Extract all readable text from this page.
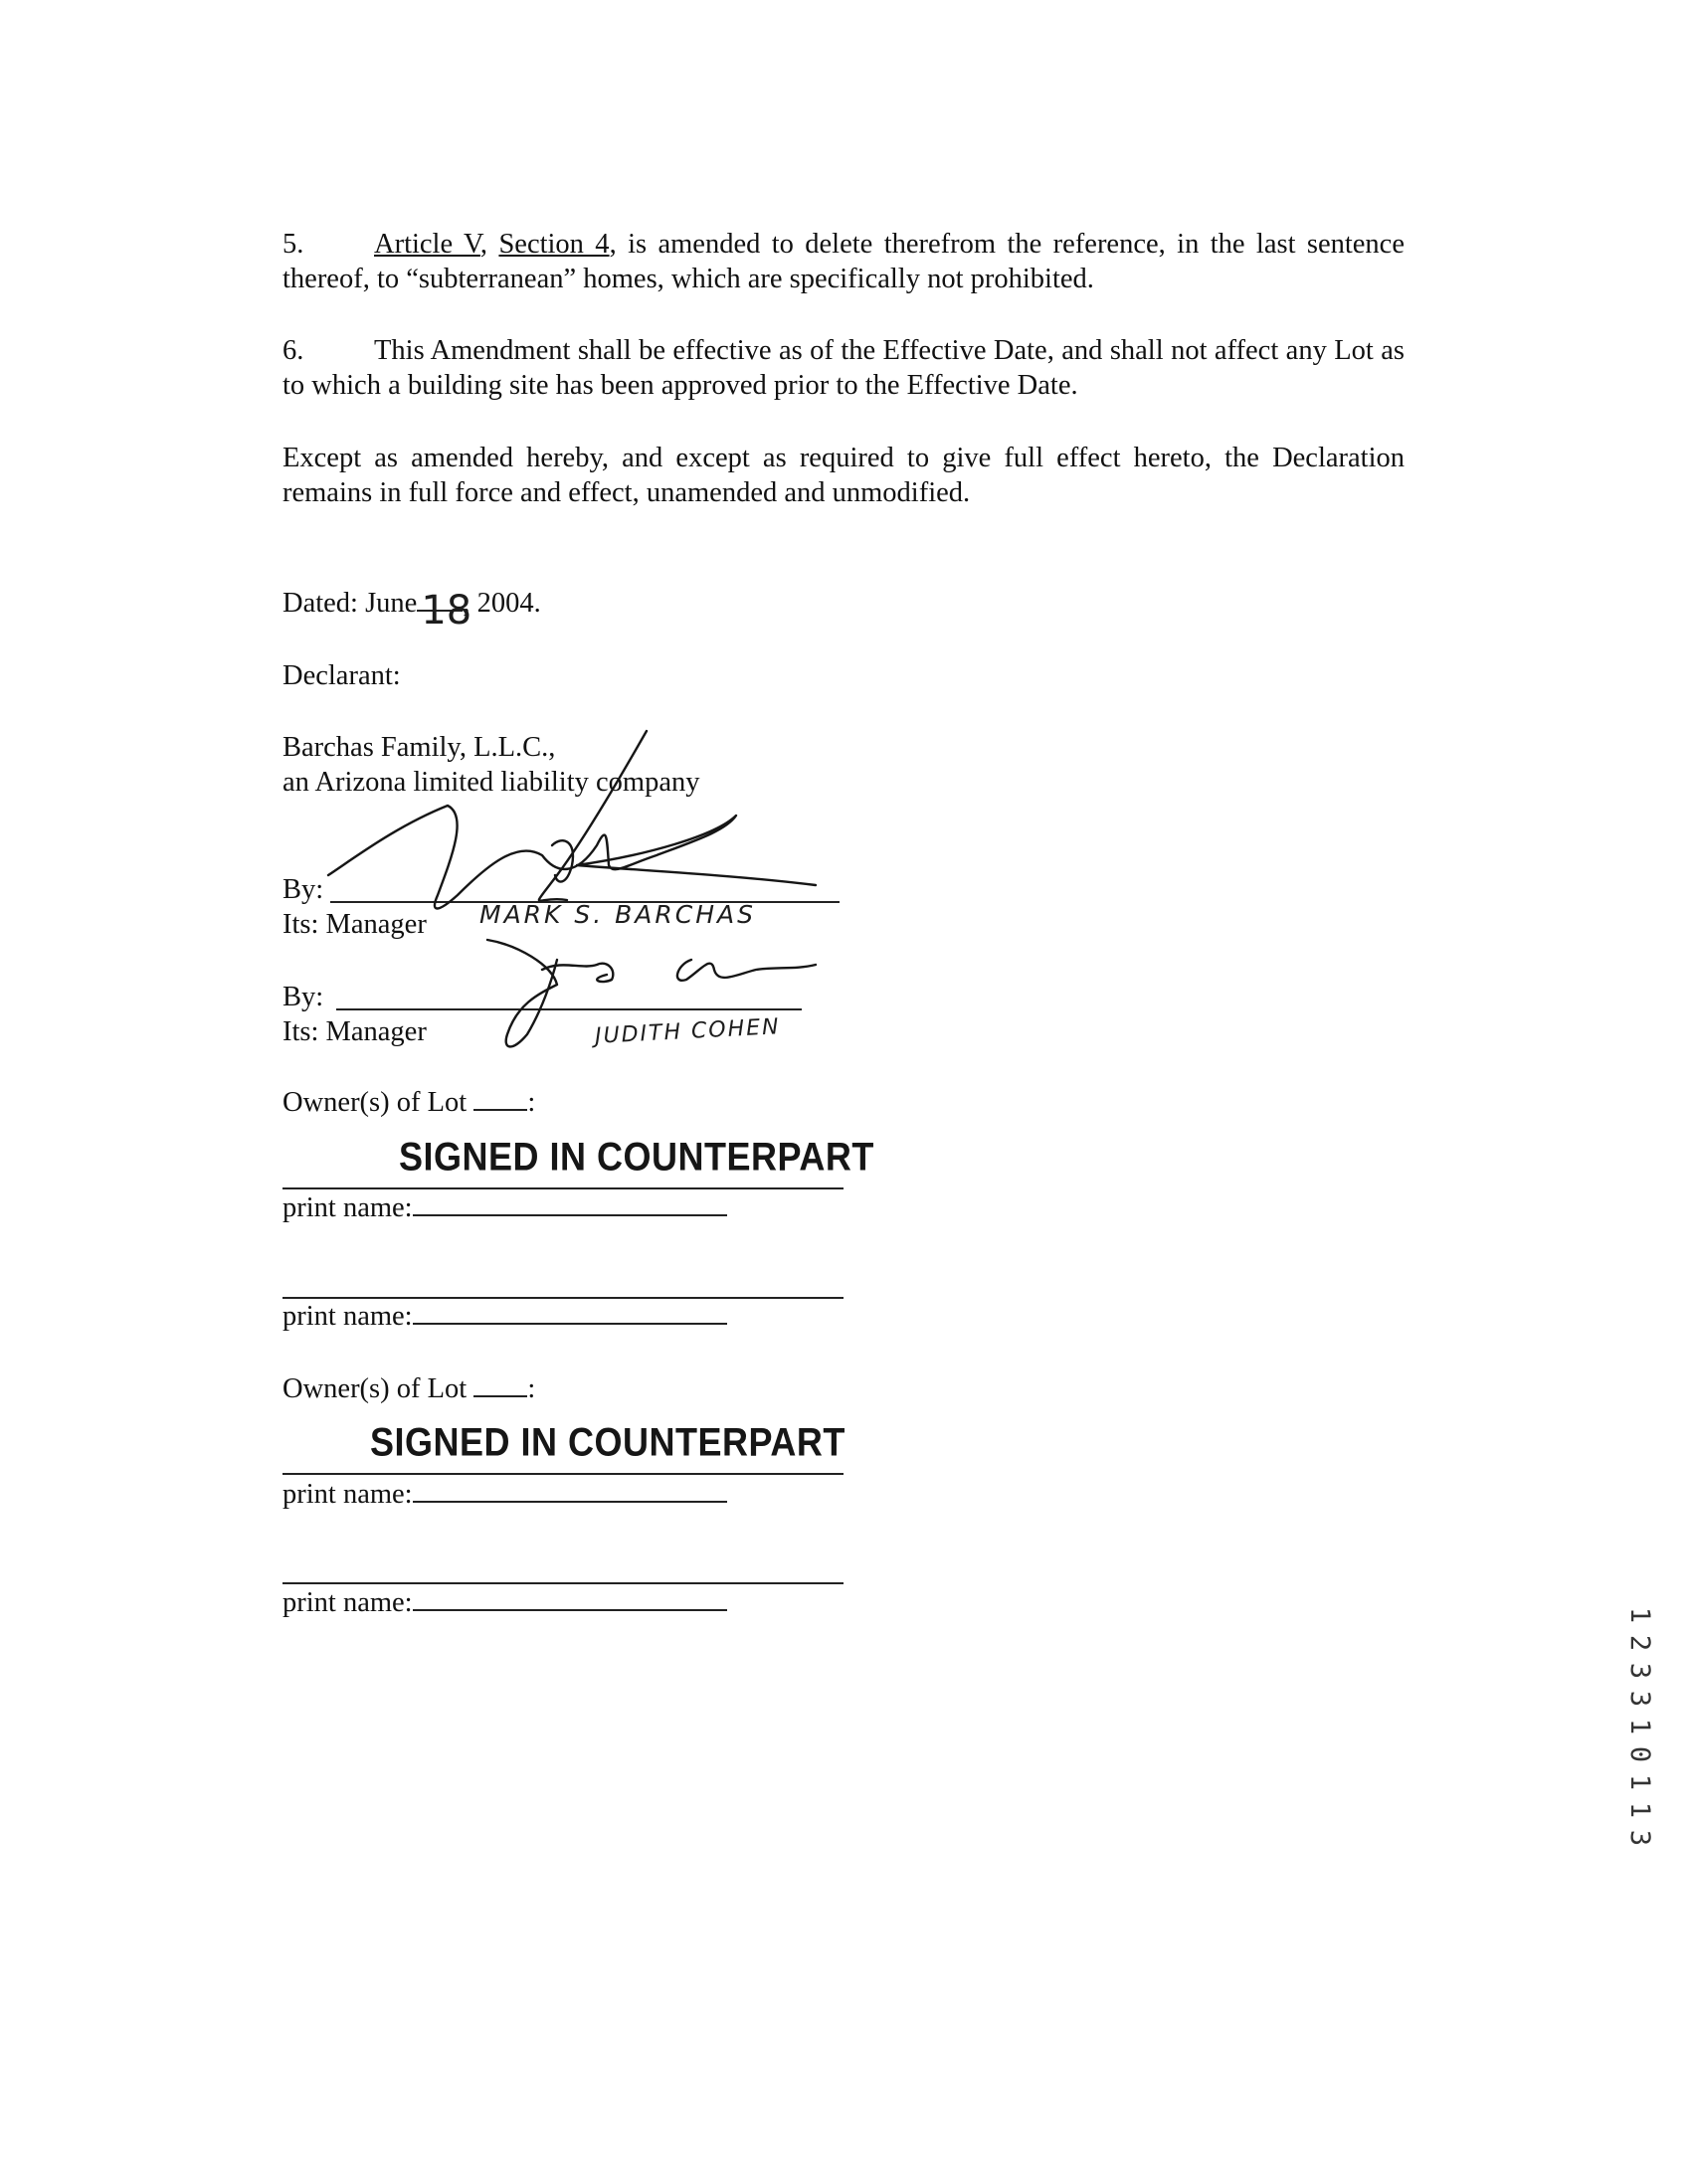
5. Article V, Section 4, is amended to delete therefrom the reference, in the last sentence thereof, to “subterranean” homes, which are specifically not prohibited.

6. This Amendment shall be effective as of the Effective Date, and shall not affect any Lot as to which a building site has been approved prior to the Effective Date.

Except as amended hereby, and except as required to give full effect hereto, the Declaration remains in full force and effect, unamended and unmodified.

Dated: June 18
, 2004.
Declarant:
Barchas Family, L.L.C.,
an Arizona limited liability company
By:
Its: Manager MARK S. BARCHAS
By:
Its: Manager	JUDITH COHEN
Owner(s) of Lot :
SIGNED IN COUNTERPART
print name:
print name:
Owner(s) of Lot :
SIGNED IN COUNTERPART
print name:
print name:	1
2
3
3
1
0
1
1
3
